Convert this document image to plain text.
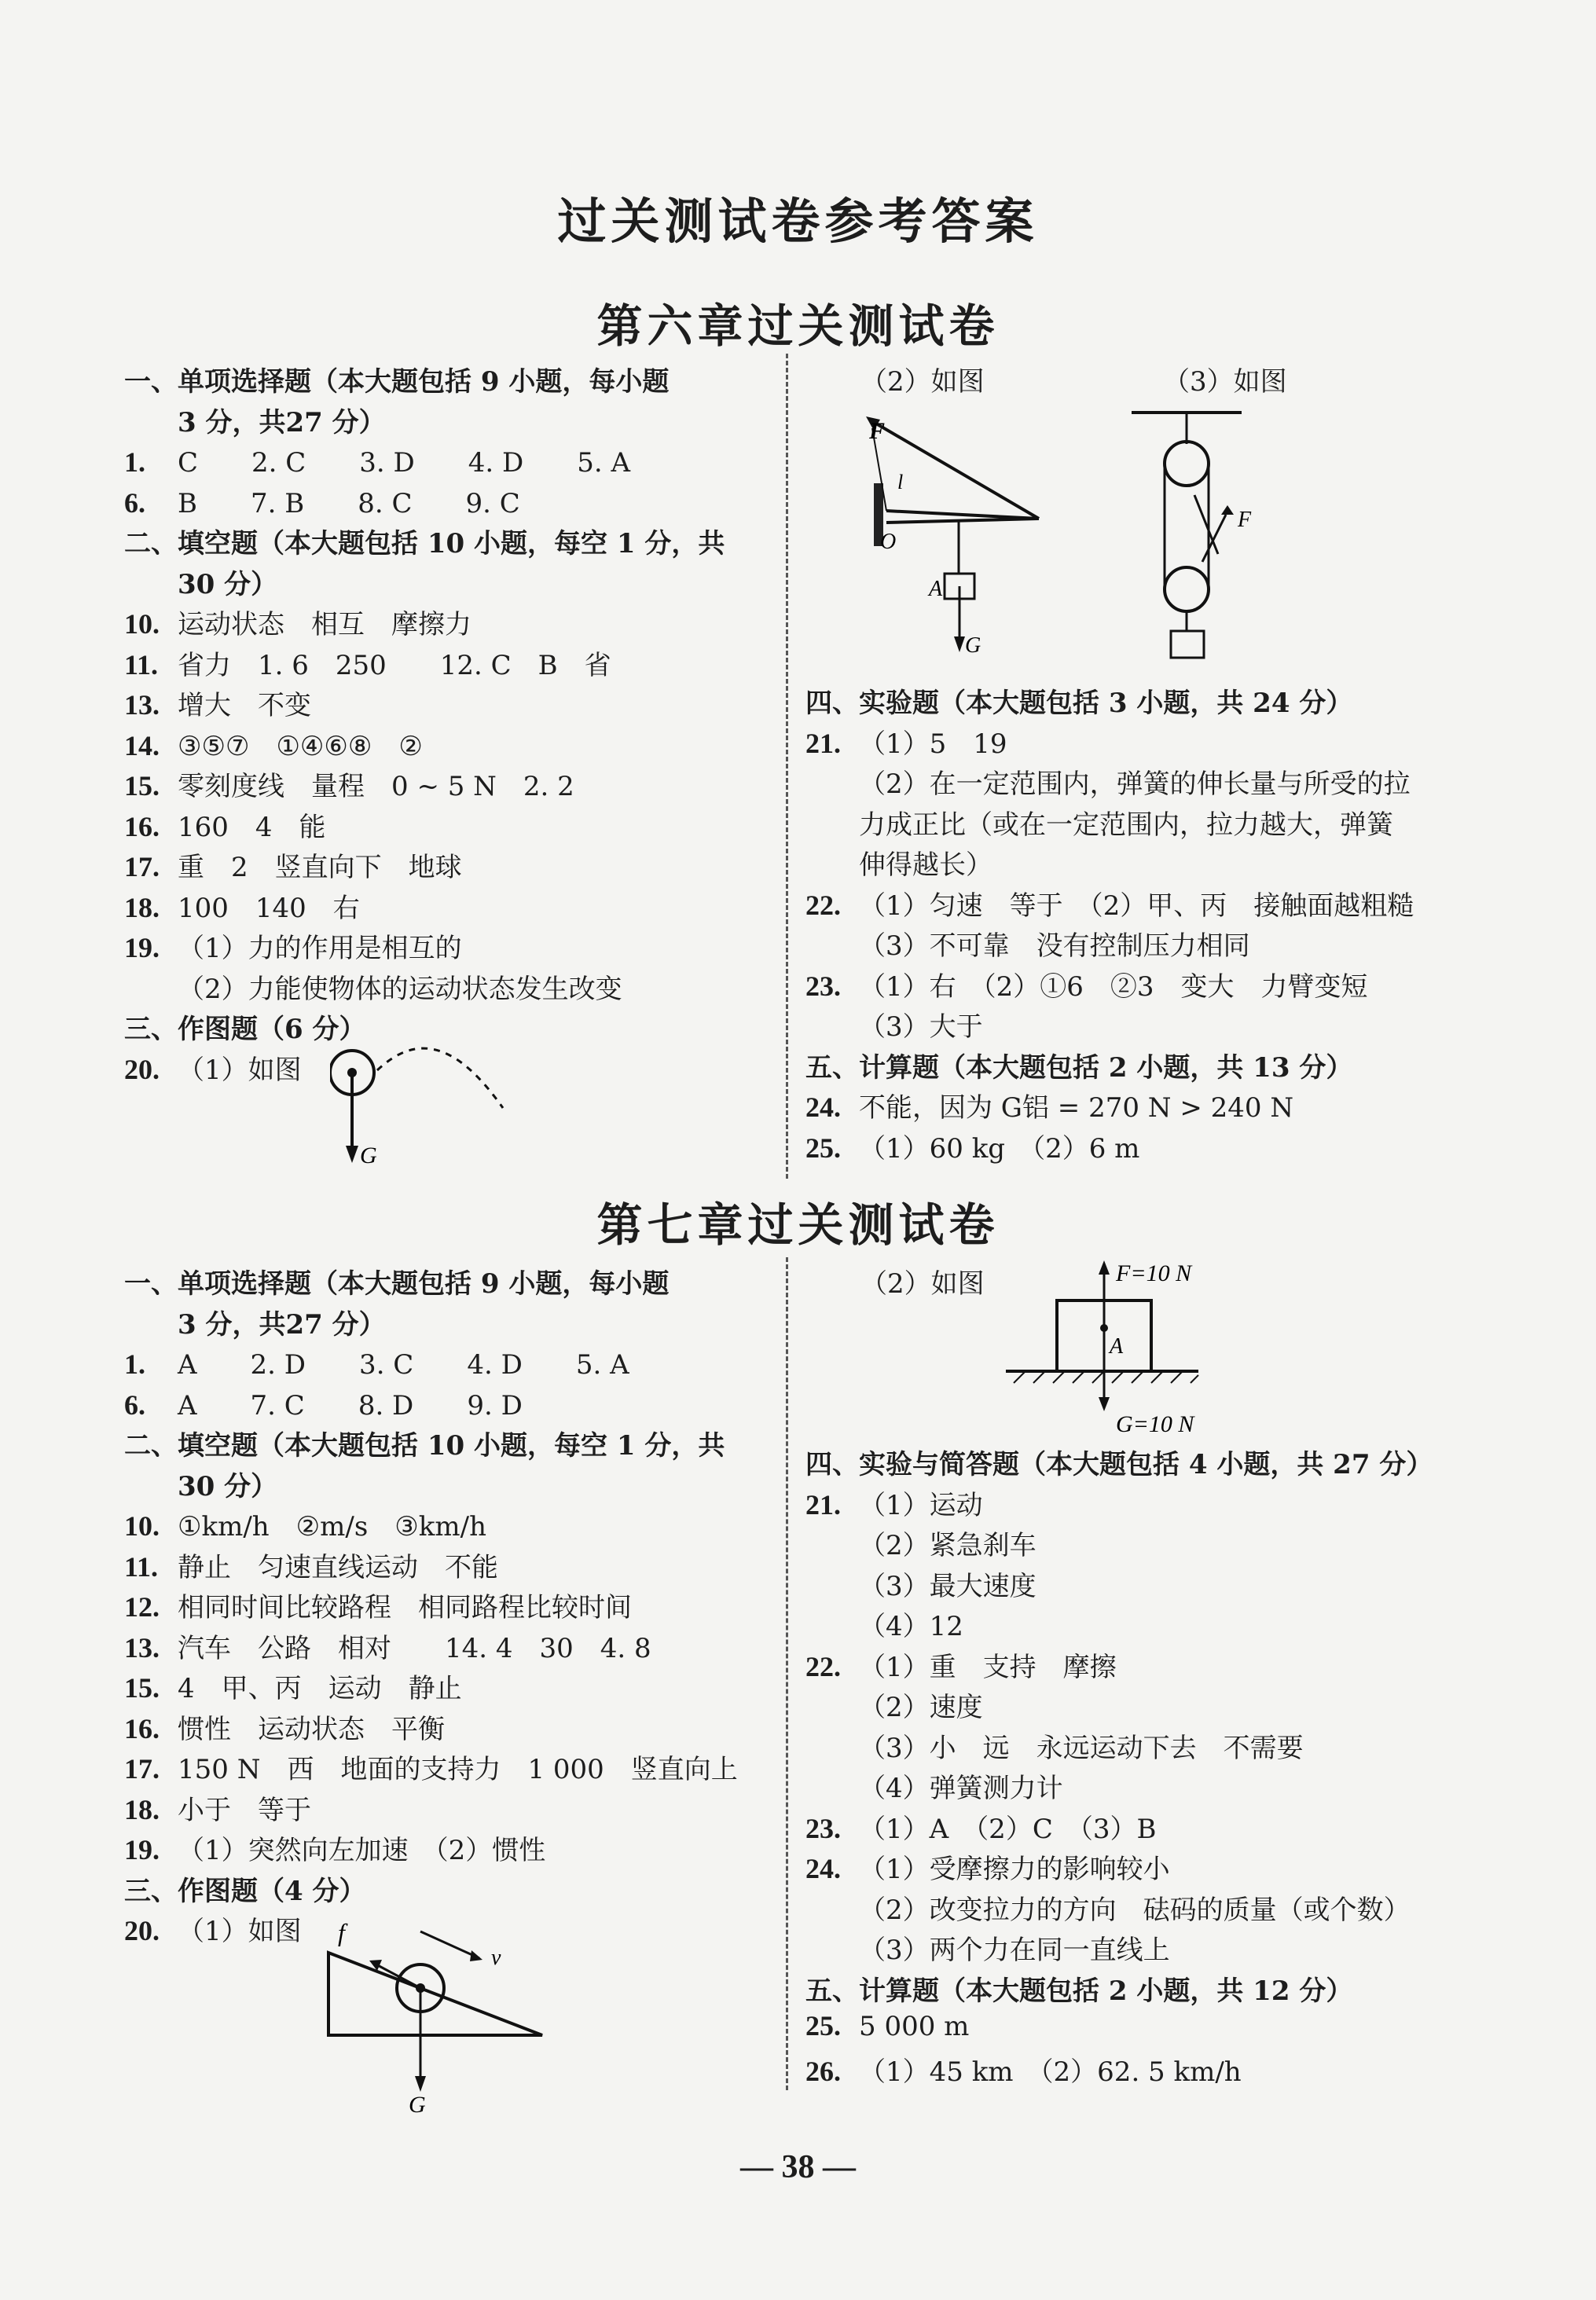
过关测试卷参考答案
第六章过关测试卷
第七章过关测试卷
一、单项选择题（本大题包括 9 小题，每小题
3 分，共27 分）
1. C　　2. C　　3. D　　4. D　　5. A
6. B　　7. B　　8. C　　9. C
二、填空题（本大题包括 10 小题，每空 1 分，共
30 分）
10. 运动状态　相互　摩擦力
11. 省力　1. 6　250　　12. C　B　省
13. 增大　不变
14. ③⑤⑦　①④⑥⑧　②
15. 零刻度线　量程　0 ~ 5 N　2. 2
16. 160　4　能
17. 重　2　竖直向下　地球
18. 100　140　右
19. （1）力的作用是相互的
（2）力能使物体的运动状态发生改变
三、作图题（6 分）
20. （1）如图
四、实验题（本大题包括 3 小题，共 24 分）
21. （1）5　19
（2）在一定范围内，弹簧的伸长量与所受的拉
力成正比（或在一定范围内，拉力越大，弹簧
伸得越长）
22. （1）匀速　等于　（2）甲、丙　接触面越粗糙
（3）不可靠　没有控制压力相同
23. （1）右　（2）①6　②3　变大　力臂变短
（3）大于
五、计算题（本大题包括 2 小题，共 13 分）
24. 不能，因为 G铝 = 270 N > 240 N
25. （1）60 kg　（2）6 m
（2）如图	（3）如图
G
F
l
O
A
G
F
一、单项选择题（本大题包括 9 小题，每小题
3 分，共27 分）
1. A　　2. D　　3. C　　4. D　　5. A
6. A　　7. C　　8. D　　9. D
二、填空题（本大题包括 10 小题，每空 1 分，共
30 分）
10. ①km/h　②m/s　③km/h
11. 静止　匀速直线运动　不能
12. 相同时间比较路程　相同路程比较时间
13. 汽车　公路　相对　　14. 4　30　4. 8
15. 4　甲、丙　运动　静止
16. 惯性　运动状态　平衡
17. 150 N　西　地面的支持力　1 000　竖直向上
18. 小于　等于
19. （1）突然向左加速　（2）惯性
三、作图题（4 分）
20. （1）如图
四、实验与简答题（本大题包括 4 小题，共 27 分）
21. （1）运动
（2）紧急刹车
（3）最大速度
（4）12
22. （1）重　支持　摩擦
（2）速度
（3）小　远　永远运动下去　不需要
（4）弹簧测力计
23. （1）A　（2）C　（3）B
24. （1）受摩擦力的影响较小
（2）改变拉力的方向　砝码的质量（或个数）
（3）两个力在同一直线上
五、计算题（本大题包括 2 小题，共 12 分）
25. 5 000 m
26. （1）45 km　（2）62. 5 km/h
（2）如图
A
F=10 N
G=10 N
G
f
v
— 38 —
